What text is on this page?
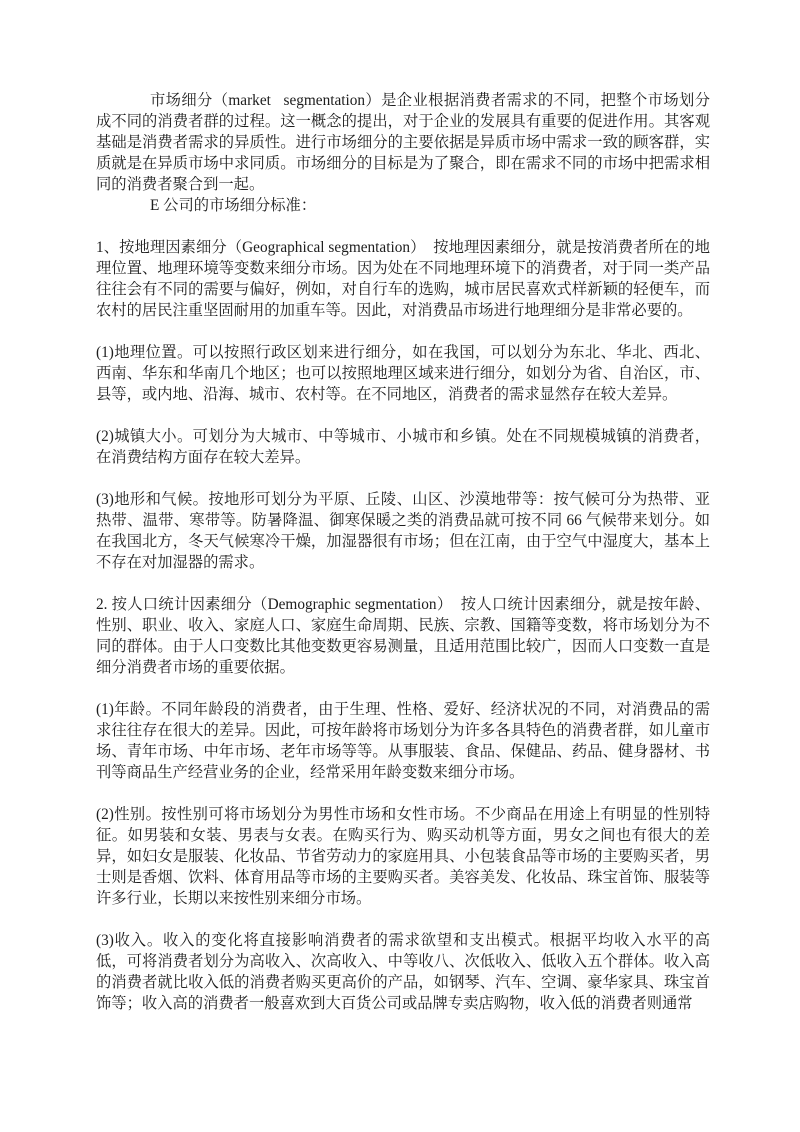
市场细分（market   segmentation）是企业根据消费者需求的不同，把整个市场划分成不同的消费者群的过程。这一概念的提出，对于企业的发展具有重要的促进作用。其客观基础是消费者需求的异质性。进行市场细分的主要依据是异质市场中需求一致的顾客群，实质就是在异质市场中求同质。市场细分的目标是为了聚合，即在需求不同的市场中把需求相同的消费者聚合到一起。

E 公司的市场细分标准：

1、按地理因素细分（Geographical segmentation）  按地理因素细分，就是按消费者所在的地理位置、地理环境等变数来细分市场。因为处在不同地理环境下的消费者，对于同一类产品往往会有不同的需要与偏好，例如，对自行车的选购，城市居民喜欢式样新颖的轻便车，而农村的居民注重坚固耐用的加重车等。因此，对消费品市场进行地理细分是非常必要的。

(1)地理位置。可以按照行政区划来进行细分，如在我国，可以划分为东北、华北、西北、西南、华东和华南几个地区；也可以按照地理区域来进行细分，如划分为省、自治区，市、县等，或内地、沿海、城市、农村等。在不同地区，消费者的需求显然存在较大差异。

(2)城镇大小。可划分为大城市、中等城市、小城市和乡镇。处在不同规模城镇的消费者，在消费结构方面存在较大差异。

(3)地形和气候。按地形可划分为平原、丘陵、山区、沙漠地带等：按气候可分为热带、亚热带、温带、寒带等。防暑降温、御寒保暖之类的消费品就可按不同 66 气候带来划分。如在我国北方，冬天气候寒冷干燥，加湿器很有市场；但在江南，由于空气中湿度大，基本上不存在对加湿器的需求。

2. 按人口统计因素细分（Demographic segmentation）  按人口统计因素细分，就是按年龄、性别、职业、收入、家庭人口、家庭生命周期、民族、宗教、国籍等变数，将市场划分为不同的群体。由于人口变数比其他变数更容易测量，且适用范围比较广，因而人口变数一直是细分消费者市场的重要依据。

(1)年龄。不同年龄段的消费者，由于生理、性格、爱好、经济状况的不同，对消费品的需求往往存在很大的差异。因此，可按年龄将市场划分为许多各具特色的消费者群，如儿童市场、青年市场、中年市场、老年市场等等。从事服装、食品、保健品、药品、健身器材、书刊等商品生产经营业务的企业，经常采用年龄变数来细分市场。

(2)性别。按性别可将市场划分为男性市场和女性市场。不少商品在用途上有明显的性别特征。如男装和女装、男表与女表。在购买行为、购买动机等方面，男女之间也有很大的差异，如妇女是服装、化妆品、节省劳动力的家庭用具、小包装食品等市场的主要购买者，男士则是香烟、饮料、体育用品等市场的主要购买者。美容美发、化妆品、珠宝首饰、服装等许多行业，长期以来按性别来细分市场。

(3)收入。收入的变化将直接影响消费者的需求欲望和支出模式。根据平均收入水平的高低，可将消费者划分为高收入、次高收入、中等收八、次低收入、低收入五个群体。收入高的消费者就比收入低的消费者购买更高价的产品，如钢琴、汽车、空调、豪华家具、珠宝首饰等；收入高的消费者一般喜欢到大百货公司或品牌专卖店购物，收入低的消费者则通常
